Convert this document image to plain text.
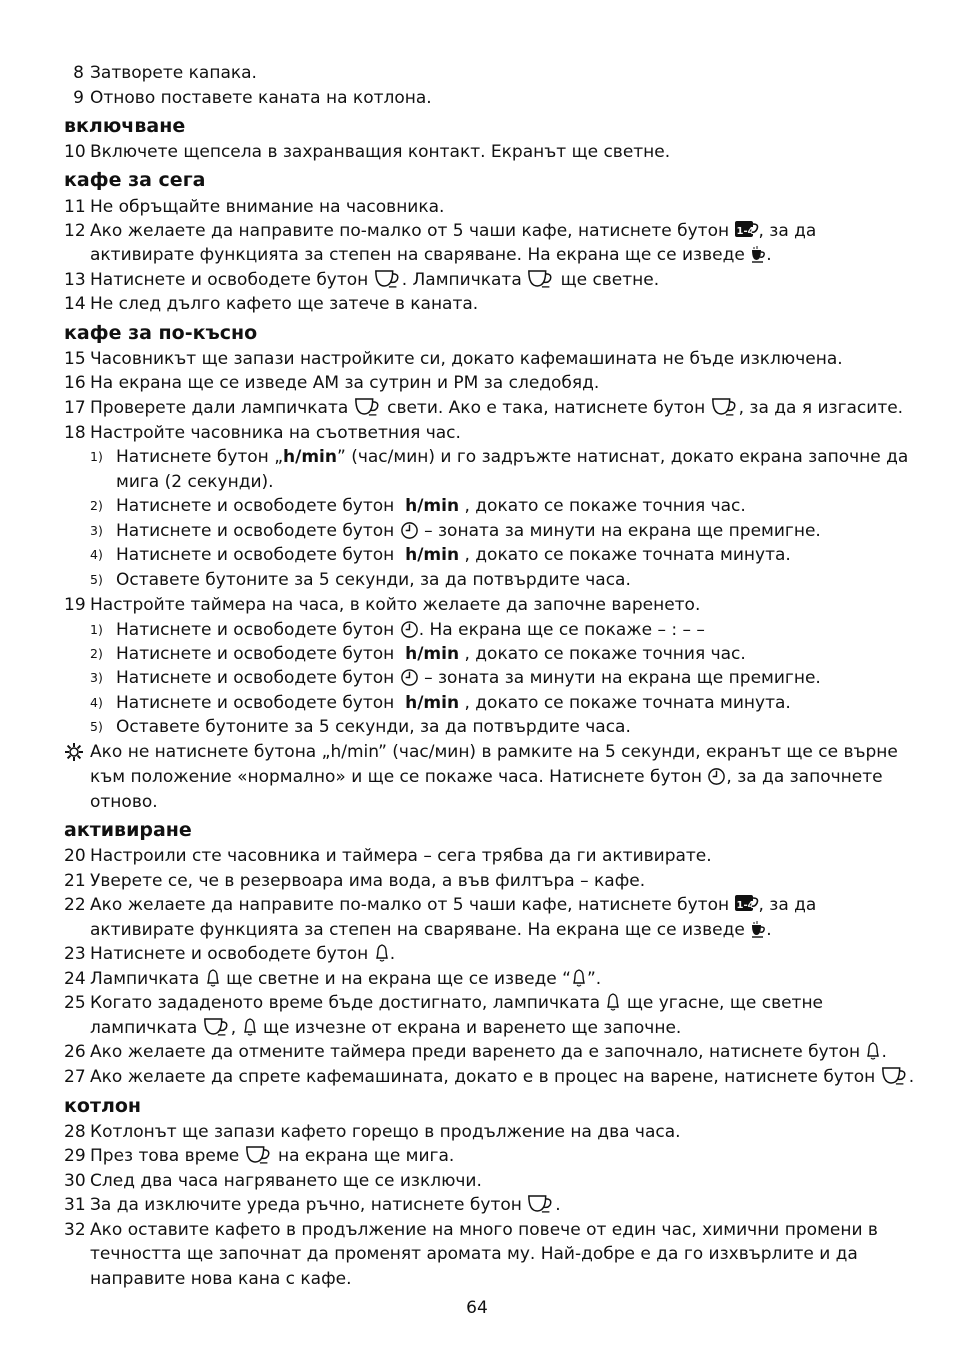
8 Затворете капака.
9 Отново поставете каната на котлона.
включване
10 Включете щепсела в захранващия контакт. Екранът ще светне.
кафе за сега
11 Не обръщайте внимание на часовника.
12 Ако желаете да направите по-малко от 5 чаши кафе, натиснете бутон , за да
активирате функцията за степен на сваряване. На екрана ще се изведе .
13 Натиснете и освободете бутон . Лампичката ще светне.
14 Не след дълго кафето ще затече в каната.
кафе за по-късно
15 Часовникът ще запази настройките си, докато кафемашината не бъде изключена.
16 На екрана ще се изведе AM за сутрин и PM за следобяд.
17 Проверете дали лампичката свети. Ако е така, натиснете бутон , за да я изгасите.
18 Настройте часовника на съответния час.
1) Натиснете бутон „h/min” (час/мин) и го задръжте натиснат, докато екрана започне да
мига (2 секунди).
2) Натиснете и освободете бутон h/min , докато се покаже точния час.
3) Натиснете и освободете бутон – зоната за минути на екрана ще премигне.
4) Натиснете и освободете бутон h/min , докато се покаже точната минута.
5) Оставете бутоните за 5 секунди, за да потвърдите часа.
19 Настройте таймера на часа, в който желаете да започне варенето.
1) Натиснете и освободете бутон . На екрана ще се покаже – : – –
2) Натиснете и освободете бутон h/min , докато се покаже точния час.
3) Натиснете и освободете бутон – зоната за минути на екрана ще премигне.
4) Натиснете и освободете бутон h/min , докато се покаже точната минута.
5) Оставете бутоните за 5 секунди, за да потвърдите часа.
Ако не натиснете бутона „h/min” (час/мин) в рамките на 5 секунди, екранът ще се върне
към положение «нормално» и ще се покаже часа. Натиснете бутон , за да започнете
отново.
активиране
20 Настроили сте часовника и таймера – сега трябва да ги активирате.
21 Уверете се, че в резервоара има вода, а във филтъра – кафе.
22 Ако желаете да направите по-малко от 5 чаши кафе, натиснете бутон , за да
активирате функцията за степен на сваряване. На екрана ще се изведе .
23 Натиснете и освободете бутон .
24 Лампичката ще светне и на екрана ще се изведе “ ”.
25 Когато зададеното време бъде достигнато, лампичката ще угасне, ще светне
лампичката , ще изчезне от екрана и варенето ще започне.
26 Ако желаете да отмените таймера преди варенето да е започнало, натиснете бутон .
27 Ако желаете да спрете кафемашината, докато е в процес на варене, натиснете бутон .
котлон
28 Котлонът ще запази кафето горещо в продължение на два часа.
29 През това време на екрана ще мига.
30 След два часа нагряването ще се изключи.
31 За да изключите уреда ръчно, натиснете бутон .
32 Ако оставите кафето в продължение на много повече от един час, химични промени в
течността ще започнат да променят аромата му. Най-добре е да го изхвърлите и да
направите нова кана с кафе.
64
